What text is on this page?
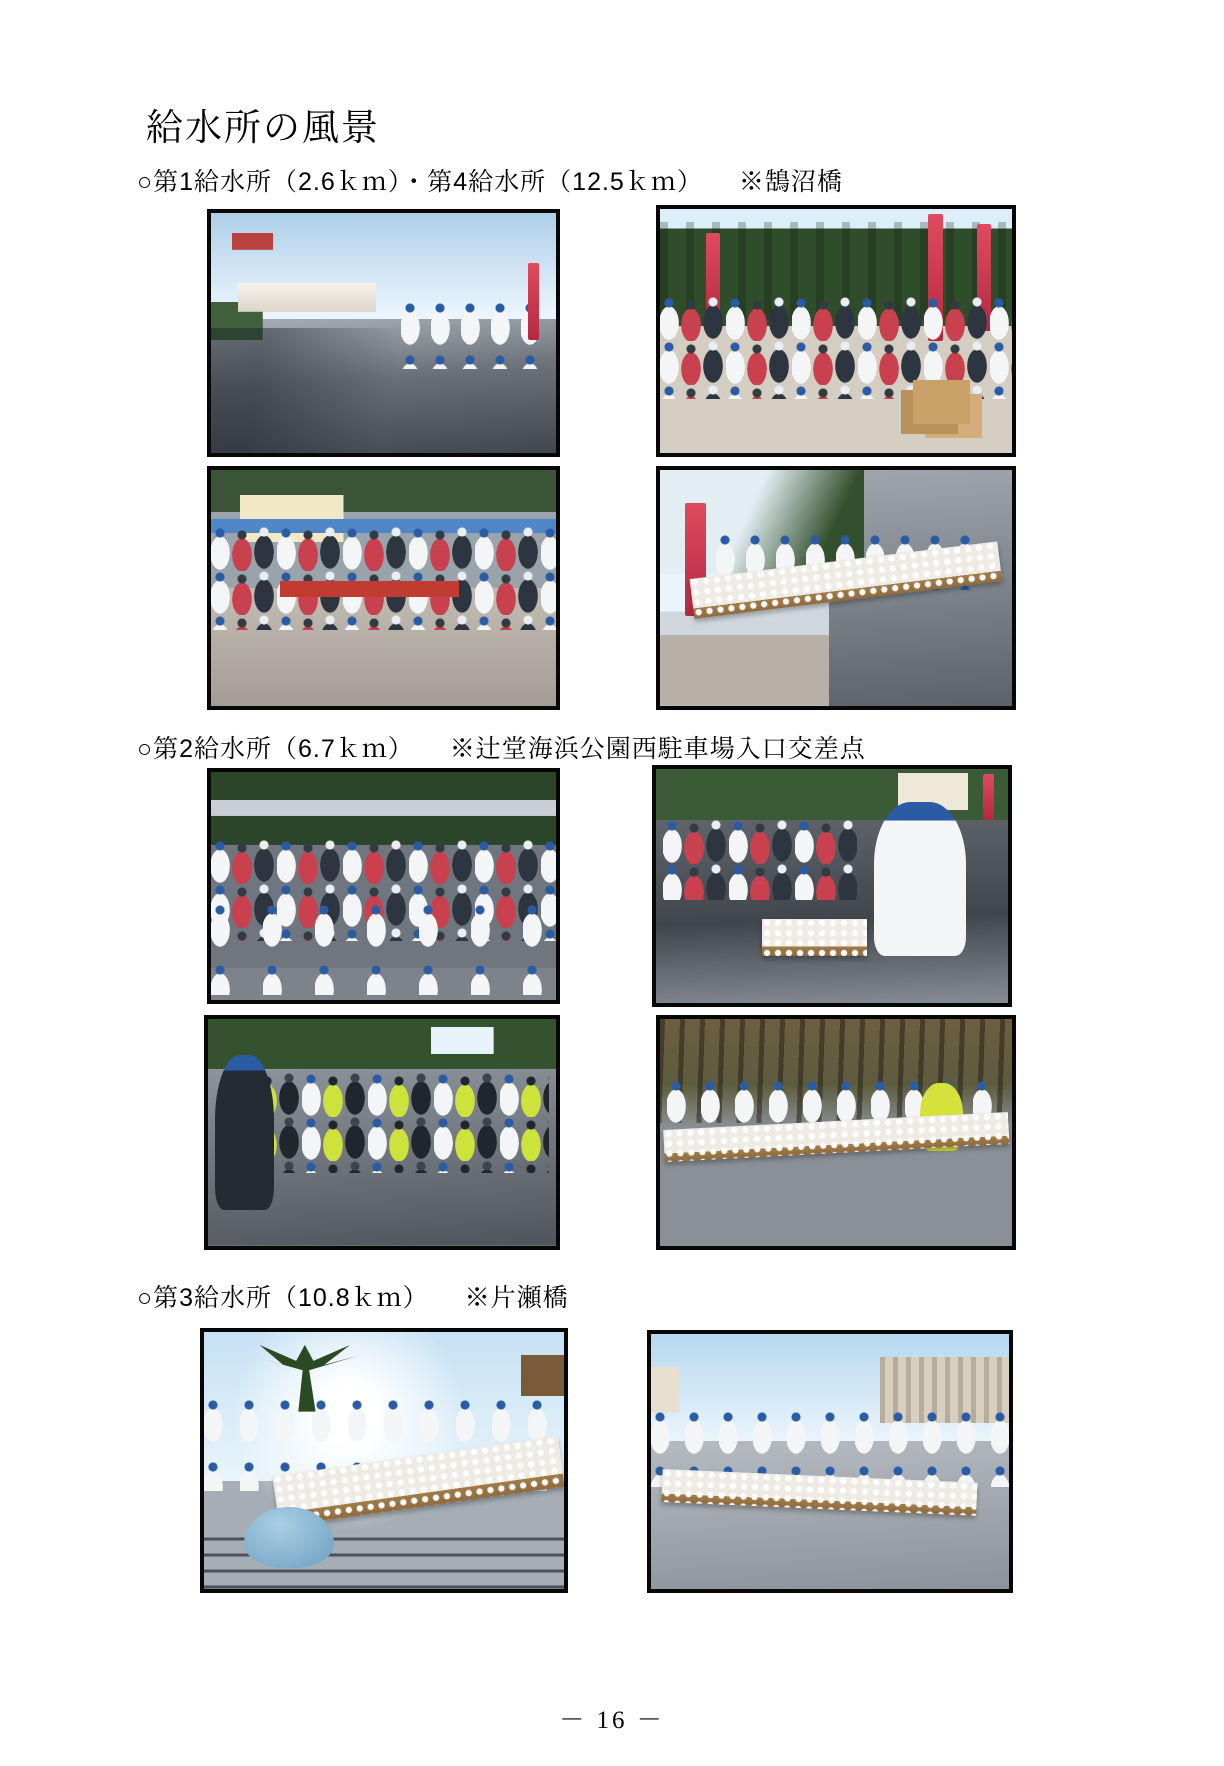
給水所の風景
○第1給水所（2.6ｋｍ）・第4給水所（12.5ｋｍ） ※鵠沼橋
○第2給水所（6.7ｋｍ） ※辻堂海浜公園西駐車場入口交差点
○第3給水所（10.8ｋｍ） ※片瀬橋
－ 16 －
